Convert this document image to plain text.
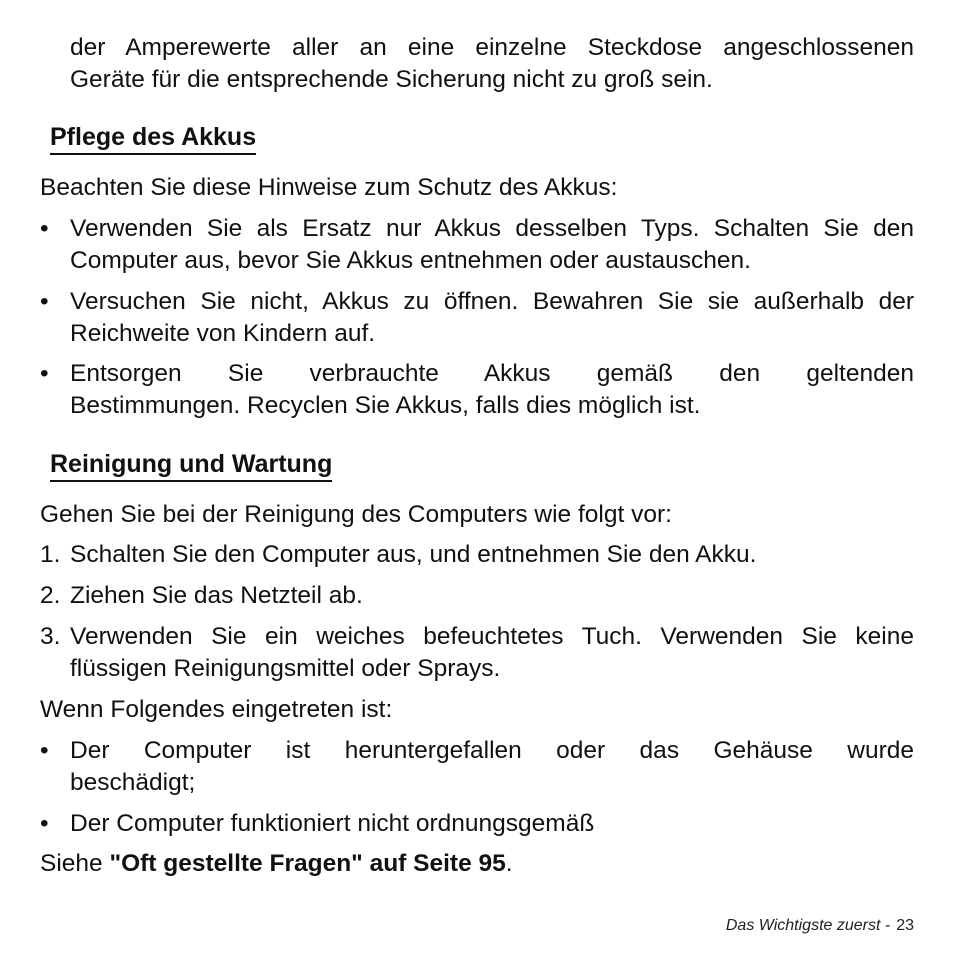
der Amperewerte aller an eine einzelne Steckdose angeschlossenen

Geräte für die entsprechende Sicherung nicht zu groß sein.

Pflege des Akkus

Beachten Sie diese Hinweise zum Schutz des Akkus:

• Verwenden Sie als Ersatz nur Akkus desselben Typs. Schalten Sie den

Computer aus, bevor Sie Akkus entnehmen oder austauschen.

• Versuchen Sie nicht, Akkus zu öffnen. Bewahren Sie sie außerhalb der

Reichweite von Kindern auf.

• Entsorgen Sie verbrauchte Akkus gemäß den geltenden

Bestimmungen. Recyclen Sie Akkus, falls dies möglich ist.

Reinigung und Wartung

Gehen Sie bei der Reinigung des Computers wie folgt vor:

1. Schalten Sie den Computer aus, und entnehmen Sie den Akku.

2. Ziehen Sie das Netzteil ab.

3. Verwenden Sie ein weiches befeuchtetes Tuch. Verwenden Sie keine

flüssigen Reinigungsmittel oder Sprays.

Wenn Folgendes eingetreten ist:

• Der Computer ist heruntergefallen oder das Gehäuse wurde

beschädigt;

• Der Computer funktioniert nicht ordnungsgemäß

Siehe "Oft gestellte Fragen" auf Seite 95.

Das Wichtigste zuerst - 23
